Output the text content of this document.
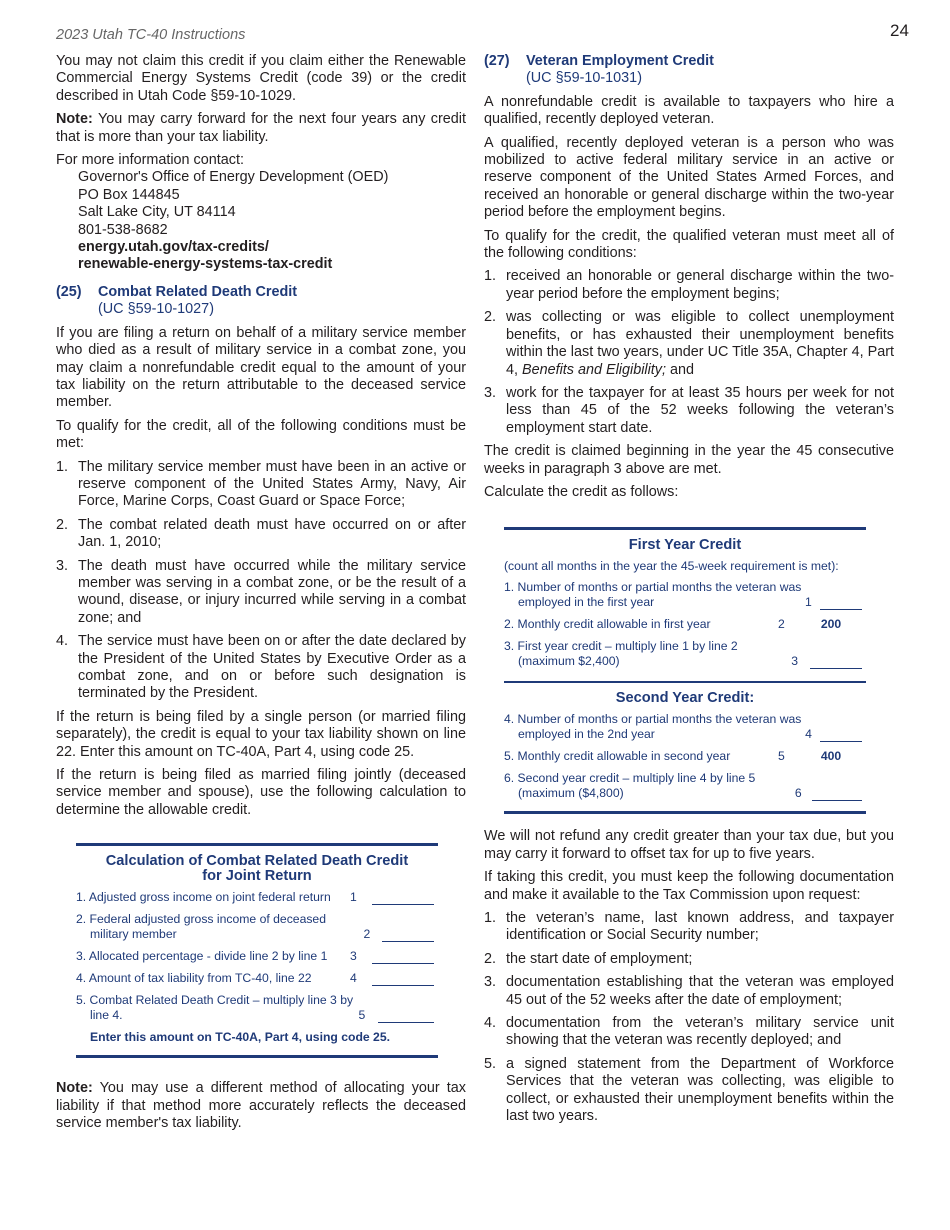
2023 Utah TC-40 Instructions	24

You may not claim this credit if you claim either the Renewable Commercial Energy Systems Credit (code 39) or the credit described in Utah Code §59-10-1029.

Note: You may carry forward for the next four years any credit that is more than your tax liability.

For more information contact:

Governor's Office of Energy Development (OED)
PO Box 144845
Salt Lake City, UT 84114
801-538-8682
energy.utah.gov/tax-credits/
renewable-energy-systems-tax-credit
(25) Combat Related Death Credit
(UC §59-10-1027)

If you are filing a return on behalf of a military service member who died as a result of military service in a combat zone, you may claim a nonrefundable credit equal to the amount of your tax liability on the return attributable to the deceased service member.

To qualify for the credit, all of the following conditions must be met:

1. The military service member must have been in an active or reserve component of the United States Army, Navy, Air Force, Marine Corps, Coast Guard or Space Force;
2. The combat related death must have occurred on or after Jan. 1, 2010;
3. The death must have occurred while the military service member was serving in a combat zone, or be the result of a wound, disease, or injury incurred while serving in a combat zone; and
4. The service must have been on or after the date declared by the President of the United States by Executive Order as a combat zone, and on or before such designation is terminated by the President.

If the return is being filed by a single person (or married filing separately), the credit is equal to your tax liability shown on line 22. Enter this amount on TC-40A, Part 4, using code 25.

If the return is being filed as married filing jointly (deceased service member and spouse), use the following calculation to determine the allowable credit.

Calculation of Combat Related Death Credit
for Joint Return
1. Adjusted gross income on joint federal return	1
2. Federal adjusted gross income of deceased military member	2
3. Allocated percentage - divide line 2 by line 1	3
4. Amount of tax liability from TC-40, line 22	4
5. Combat Related Death Credit – multiply line 3 by line 4.	5
Enter this amount on TC-40A, Part 4, using code 25.

Note: You may use a different method of allocating your tax liability if that method more accurately reflects the deceased service member's tax liability.

(27) Veteran Employment Credit
(UC §59-10-1031)

A nonrefundable credit is available to taxpayers who hire a qualified, recently deployed veteran.

A qualified, recently deployed veteran is a person who was mobilized to active federal military service in an active or reserve component of the United States Armed Forces, and received an honorable or general discharge within the two-year period before the employment begins.

To qualify for the credit, the qualified veteran must meet all of the following conditions:

1. received an honorable or general discharge within the two-year period before the employment begins;
2. was collecting or was eligible to collect unemployment benefits, or has exhausted their unemployment benefits within the last two years, under UC Title 35A, Chapter 4, Part 4, Benefits and Eligibility; and
3. work for the taxpayer for at least 35 hours per week for not less than 45 of the 52 weeks following the veteran’s employment start date.

The credit is claimed beginning in the year the 45 consecutive weeks in paragraph 3 above are met.

Calculate the credit as follows:

First Year Credit
(count all months in the year the 45-week requirement is met):
1. Number of months or partial months the veteran was employed in the first year	1
2. Monthly credit allowable in first year	2	200
3. First year credit – multiply line 1 by line 2 (maximum $2,400)	3
Second Year Credit:
4. Number of months or partial months the veteran was employed in the 2nd year	4
5. Monthly credit allowable in second year	5	400
6. Second year credit – multiply line 4 by line 5 (maximum ($4,800)	6

We will not refund any credit greater than your tax due, but you may carry it forward to offset tax for up to five years.

If taking this credit, you must keep the following documentation and make it available to the Tax Commission upon request:

1. the veteran’s name, last known address, and taxpayer identification or Social Security number;
2. the start date of employment;
3. documentation establishing that the veteran was employed 45 out of the 52 weeks after the date of employment;
4. documentation from the veteran’s military service unit showing that the veteran was recently deployed; and
5. a signed statement from the Department of Workforce Services that the veteran was collecting, was eligible to collect, or exhausted their unemployment benefits within the last two years.
